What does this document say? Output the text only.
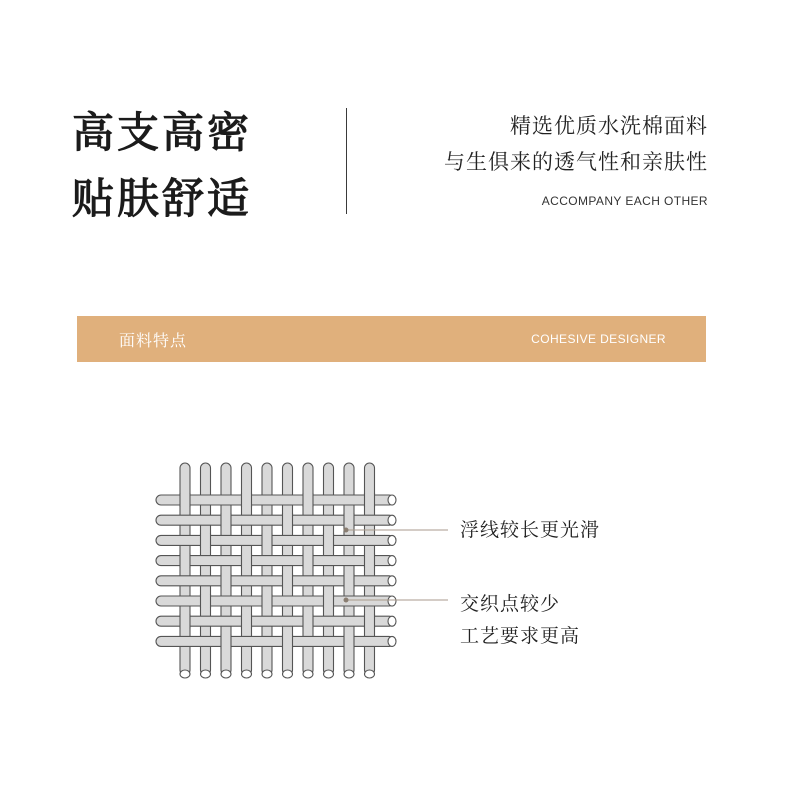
高支高密
贴肤舒适
精选优质水洗棉面料
与生俱来的透气性和亲肤性
ACCOMPANY EACH OTHER
面料特点	COHESIVE DESIGNER
浮线较长更光滑
交织点较少
工艺要求更高
